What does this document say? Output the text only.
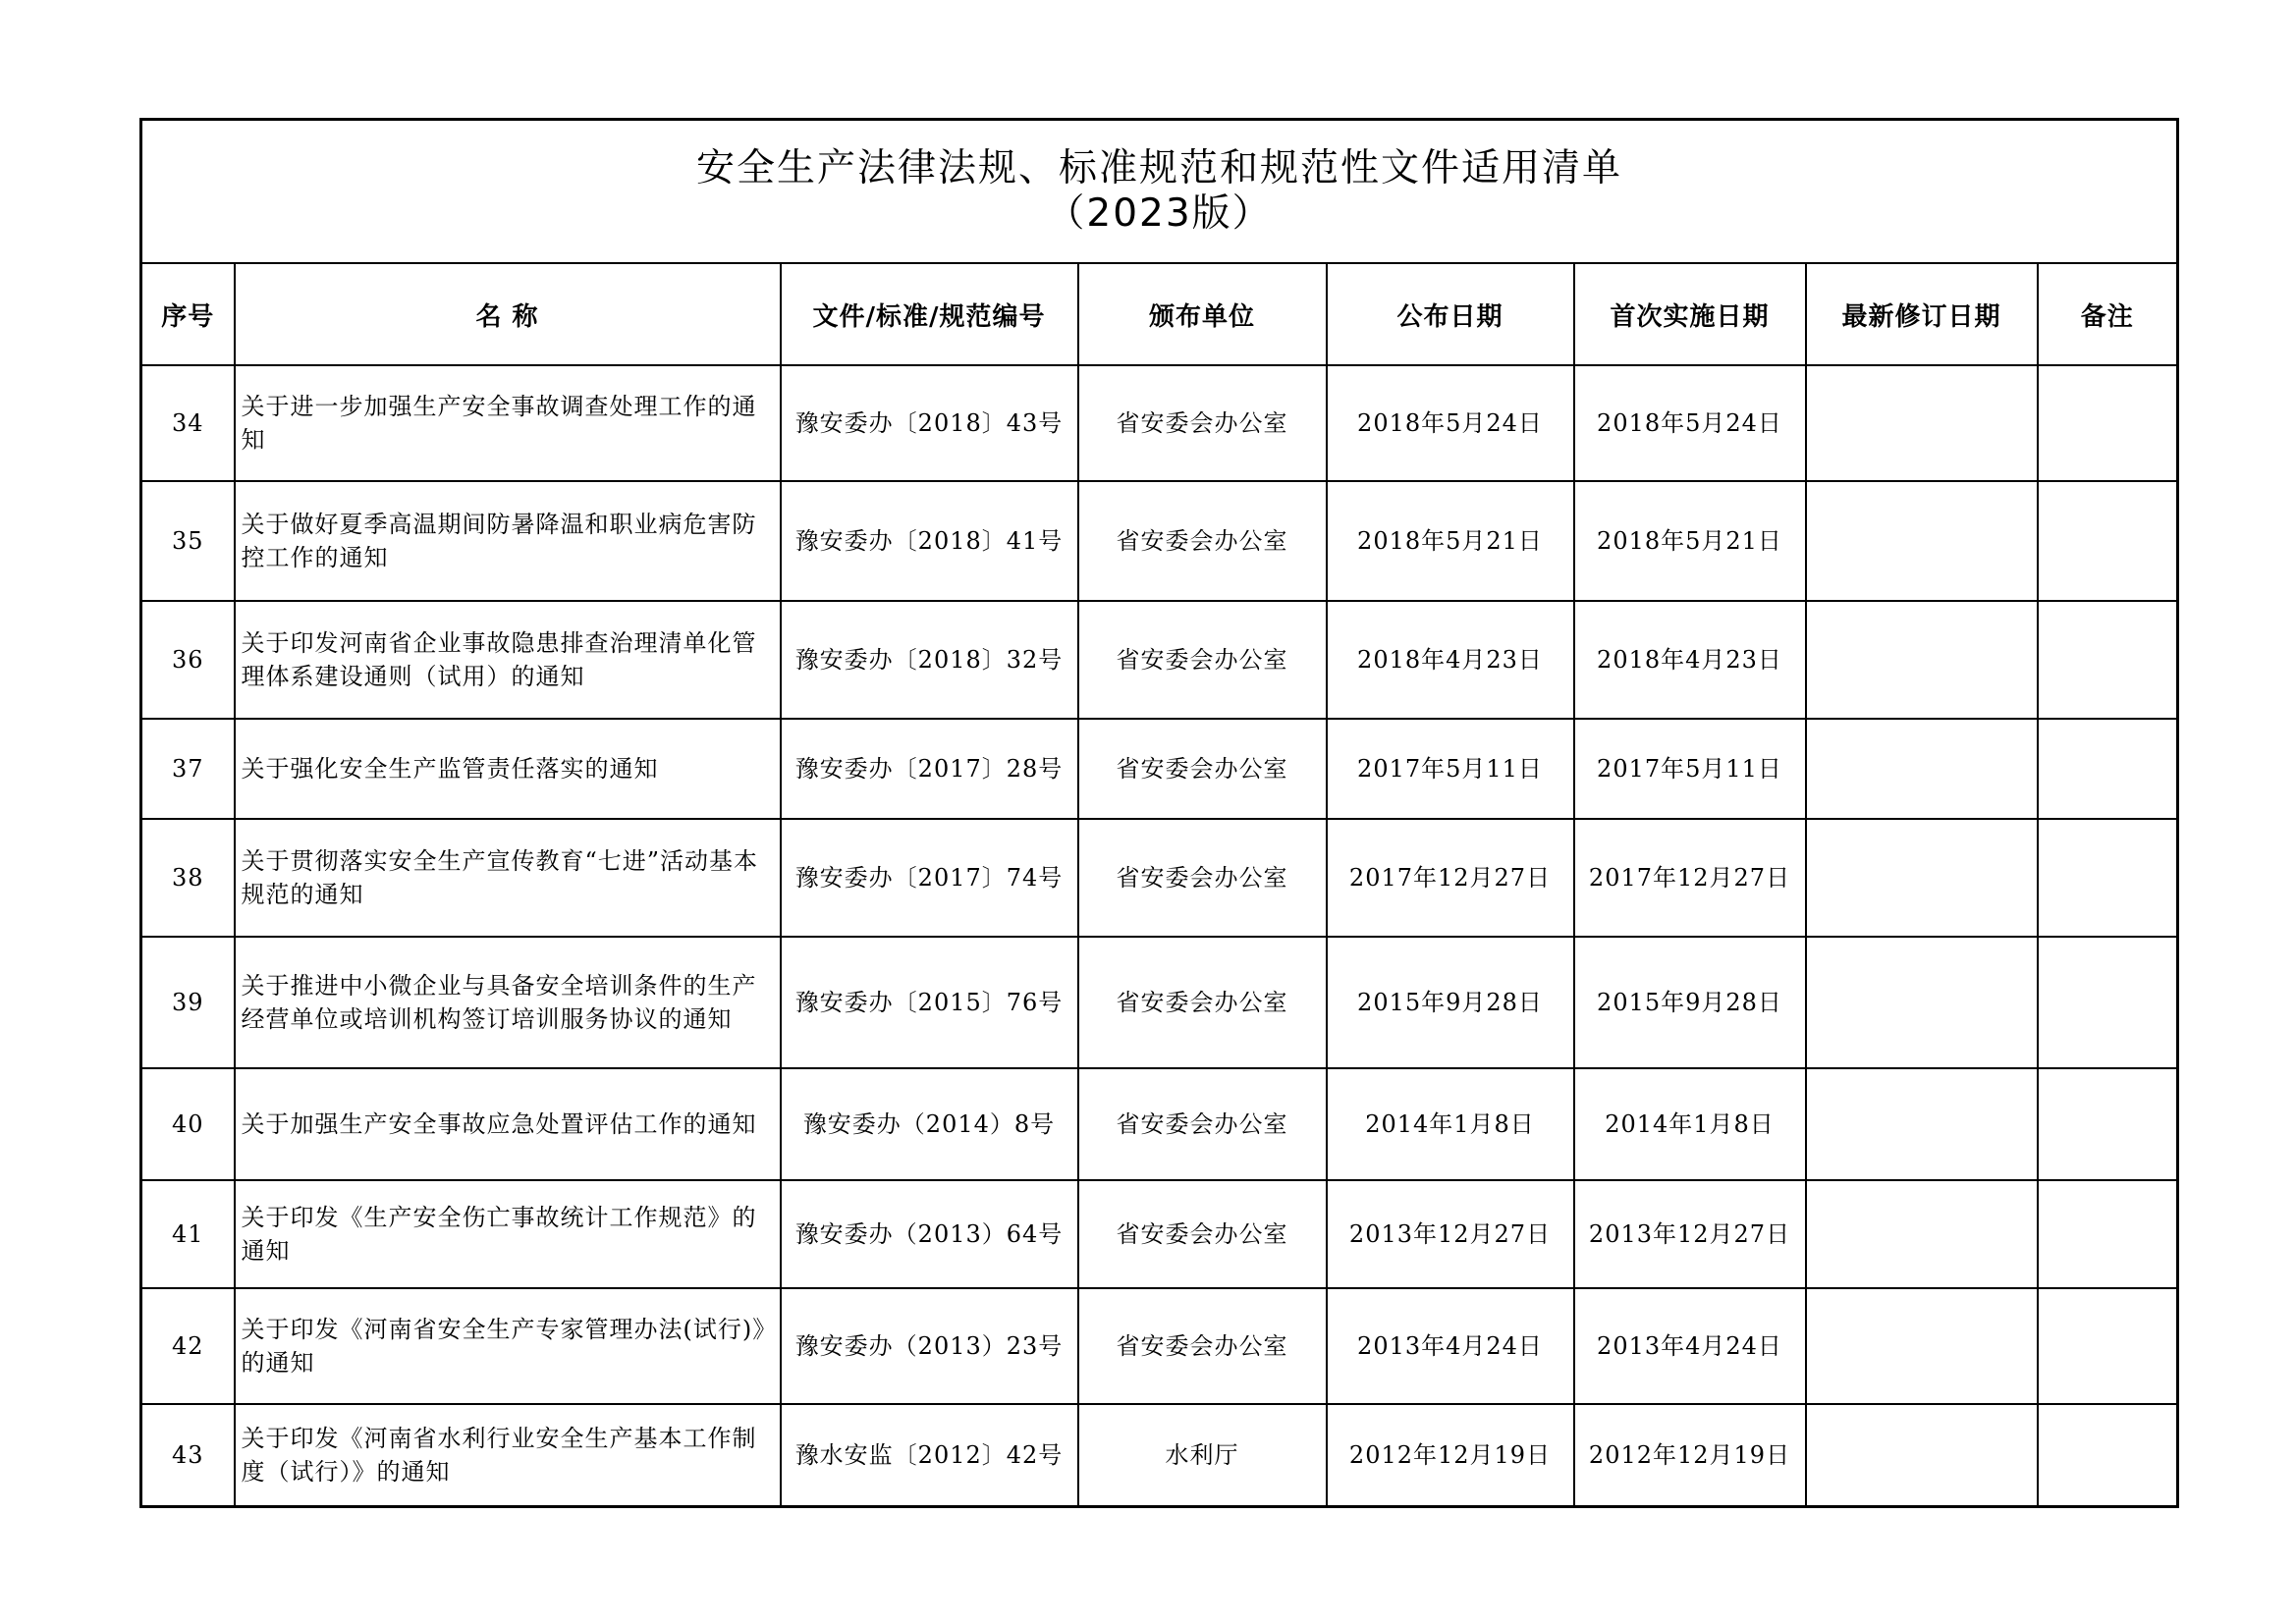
安全生产法律法规、标准规范和规范性文件适用清单
（2023版）							

序号	名 称	文件/标准/规范编号	颁布单位	公布日期	首次实施日期	最新修订日期	备注
34	关于进一步加强生产安全事故调查处理工作的通知	豫安委办〔2018〕43号	省安委会办公室	2018年5月24日	2018年5月24日		
35	关于做好夏季高温期间防暑降温和职业病危害防控工作的通知	豫安委办〔2018〕41号	省安委会办公室	2018年5月21日	2018年5月21日		
36	关于印发河南省企业事故隐患排查治理清单化管理体系建设通则（试用）的通知	豫安委办〔2018〕32号	省安委会办公室	2018年4月23日	2018年4月23日		
37	关于强化安全生产监管责任落实的通知	豫安委办〔2017〕28号	省安委会办公室	2017年5月11日	2017年5月11日		
38	关于贯彻落实安全生产宣传教育“七进”活动基本规范的通知	豫安委办〔2017〕74号	省安委会办公室	2017年12月27日	2017年12月27日		
39	关于推进中小微企业与具备安全培训条件的生产经营单位或培训机构签订培训服务协议的通知	豫安委办〔2015〕76号	省安委会办公室	2015年9月28日	2015年9月28日		
40	关于加强生产安全事故应急处置评估工作的通知	豫安委办（2014）8号	省安委会办公室	2014年1月8日	2014年1月8日		
41	关于印发《生产安全伤亡事故统计工作规范》的通知	豫安委办（2013）64号	省安委会办公室	2013年12月27日	2013年12月27日		
42	关于印发《河南省安全生产专家管理办法(试行)》的通知	豫安委办（2013）23号	省安委会办公室	2013年4月24日	2013年4月24日		
43	关于印发《河南省水利行业安全生产基本工作制度（试行）》的通知	豫水安监〔2012〕42号	水利厅	2012年12月19日	2012年12月19日		
